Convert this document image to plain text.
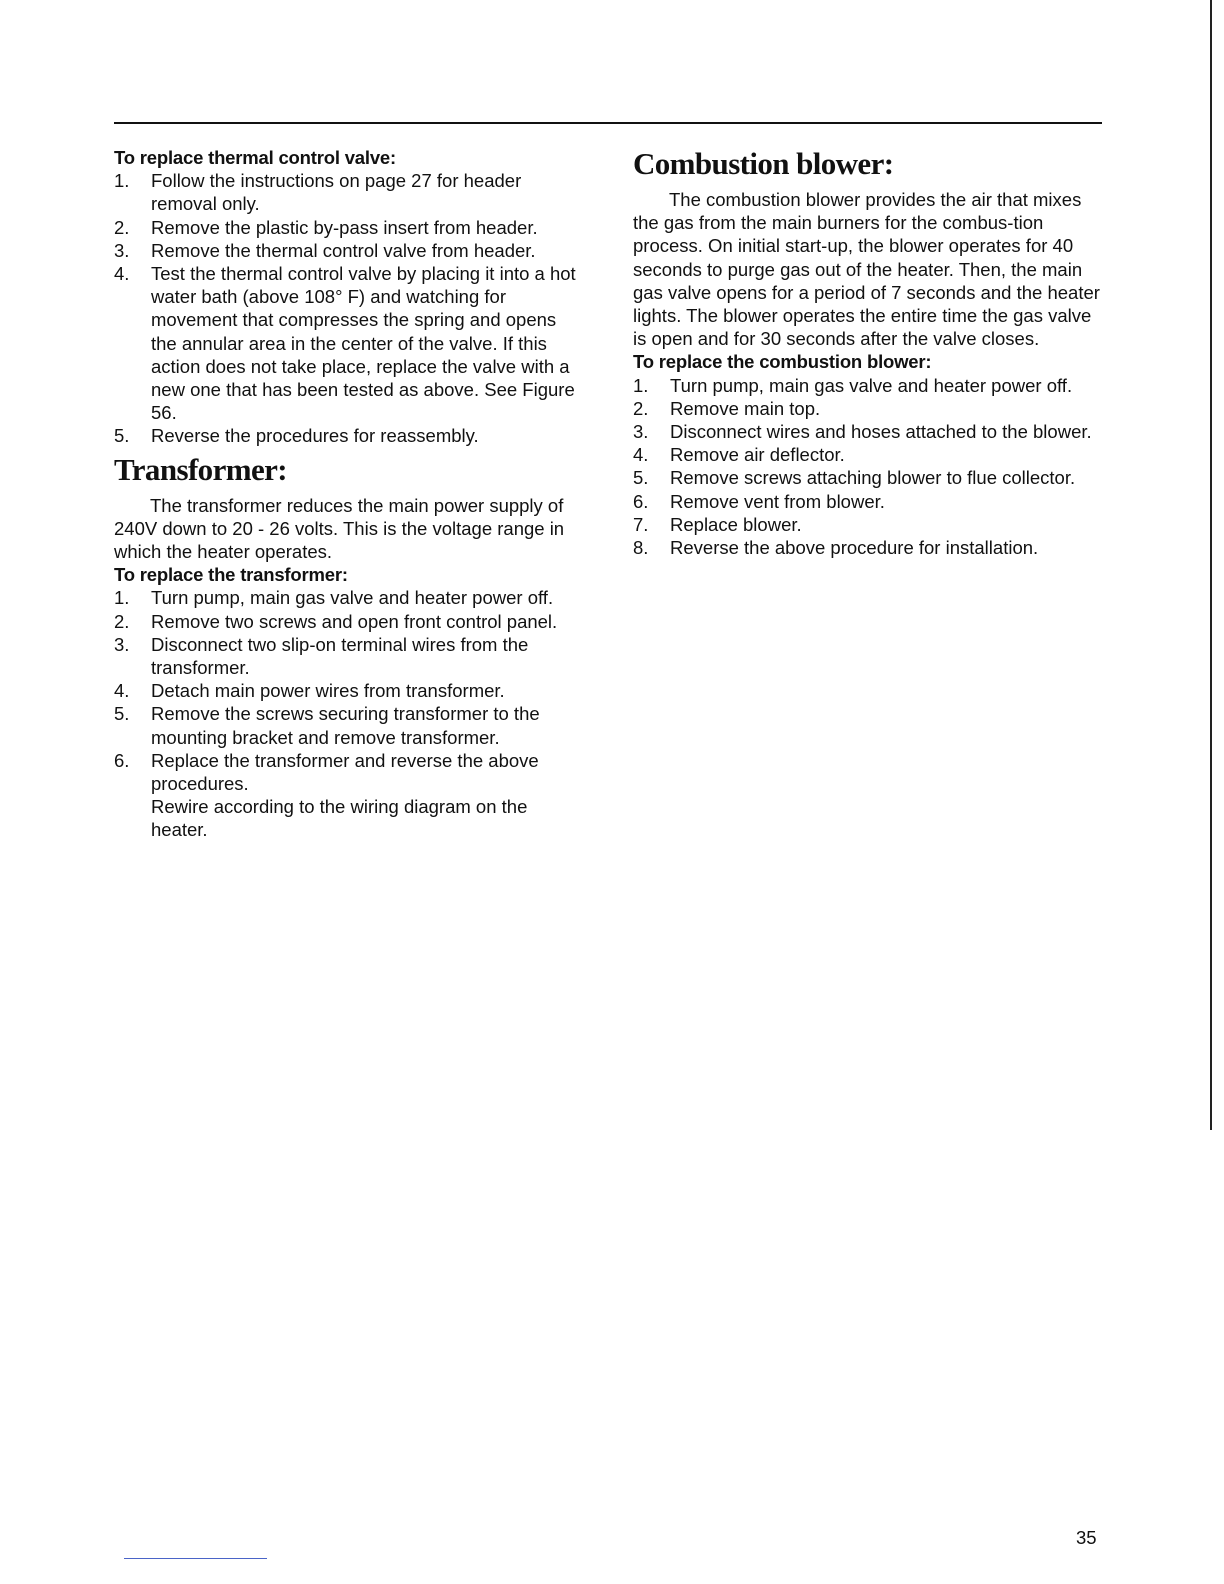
To replace thermal control valve:

1.	Follow the instructions on page 27 for header removal only.
2.	Remove the plastic by-pass insert from header.
3.	Remove the thermal control valve from header.
4.	Test the thermal control valve by placing it into a hot water bath (above 108° F) and watching for movement that compresses the spring and opens the annular area in the center of the valve. If this action does not take place, replace the valve with a new one that has been tested as above. See Figure 56.
5.	Reverse the procedures for reassembly.
Transformer:

The transformer reduces the main power supply of 240V down to 20 - 26 volts. This is the voltage range in which the heater operates.

To replace the transformer:

1.	Turn pump, main gas valve and heater power off.
2.	Remove two screws and open front control panel.
3.	Disconnect two slip-on terminal wires from the transformer.
4.	Detach main power wires from transformer.
5.	Remove the screws securing transformer to the mounting bracket and remove transformer.
6.	Replace the transformer and reverse the above procedures.

Rewire according to the wiring diagram on the heater.

Combustion blower:

The combustion blower provides the air that mixes the gas from the main burners for the combus-tion process. On initial start-up, the blower operates for 40 seconds to purge gas out of the heater. Then, the main gas valve opens for a period of 7 seconds and the heater lights. The blower operates the entire time the gas valve is open and for 30 seconds after the valve closes.

To replace the combustion blower:

1.	Turn pump, main gas valve and heater power off.
2.	Remove main top.
3.	Disconnect wires and hoses attached to the blower.
4.	Remove air deflector.
5.	Remove screws attaching blower to flue collector.
6.	Remove vent from blower.
7.	Replace blower.
8.	Reverse the above procedure for installation.
35
